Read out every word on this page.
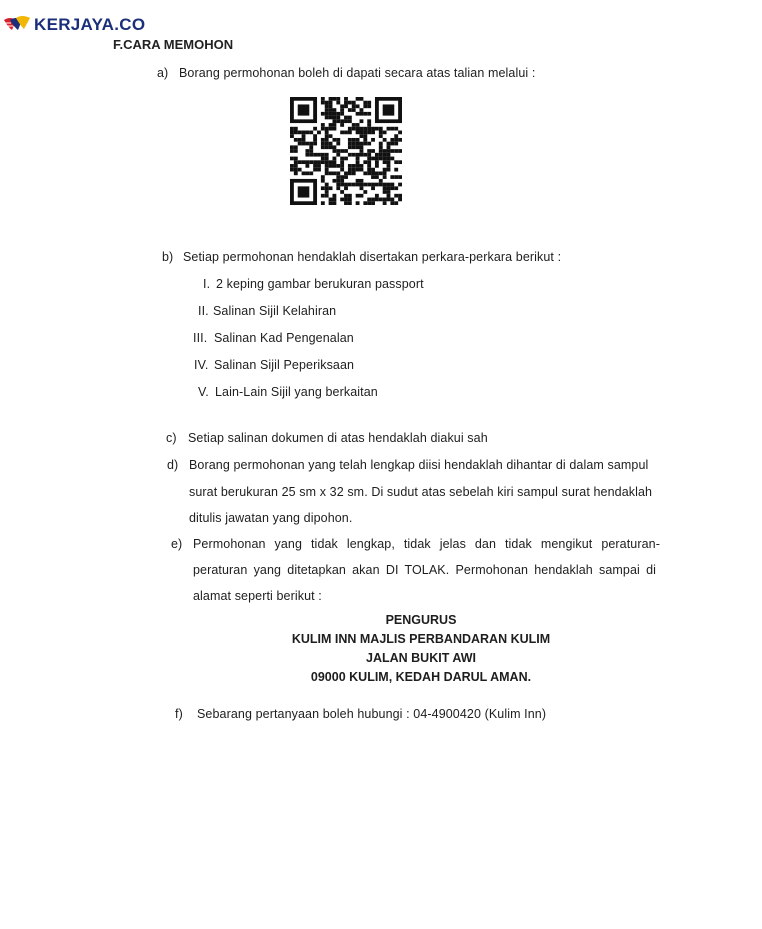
KERJAYA.CO
F.CARA MEMOHON
a) Borang permohonan boleh di dapati secara atas talian melalui :
b) Setiap permohonan hendaklah disertakan perkara-perkara berikut :
I. 2 keping gambar berukuran passport
II. Salinan Sijil Kelahiran
III. Salinan Kad Pengenalan
IV. Salinan Sijil Peperiksaan
V. Lain-Lain Sijil yang berkaitan
c) Setiap salinan dokumen di atas hendaklah diakui sah
d) Borang permohonan yang telah lengkap diisi hendaklah dihantar di dalam sampul
surat berukuran 25 sm x 32 sm. Di sudut atas sebelah kiri sampul surat hendaklah
ditulis jawatan yang dipohon.
e) Permohonan yang tidak lengkap, tidak jelas dan tidak mengikut peraturan-
peraturan yang ditetapkan akan DI TOLAK. Permohonan hendaklah sampai di
alamat seperti berikut :
PENGURUS
KULIM INN MAJLIS PERBANDARAN KULIM
JALAN BUKIT AWI
09000 KULIM, KEDAH DARUL AMAN.
f) Sebarang pertanyaan boleh hubungi : 04-4900420 (Kulim Inn)
